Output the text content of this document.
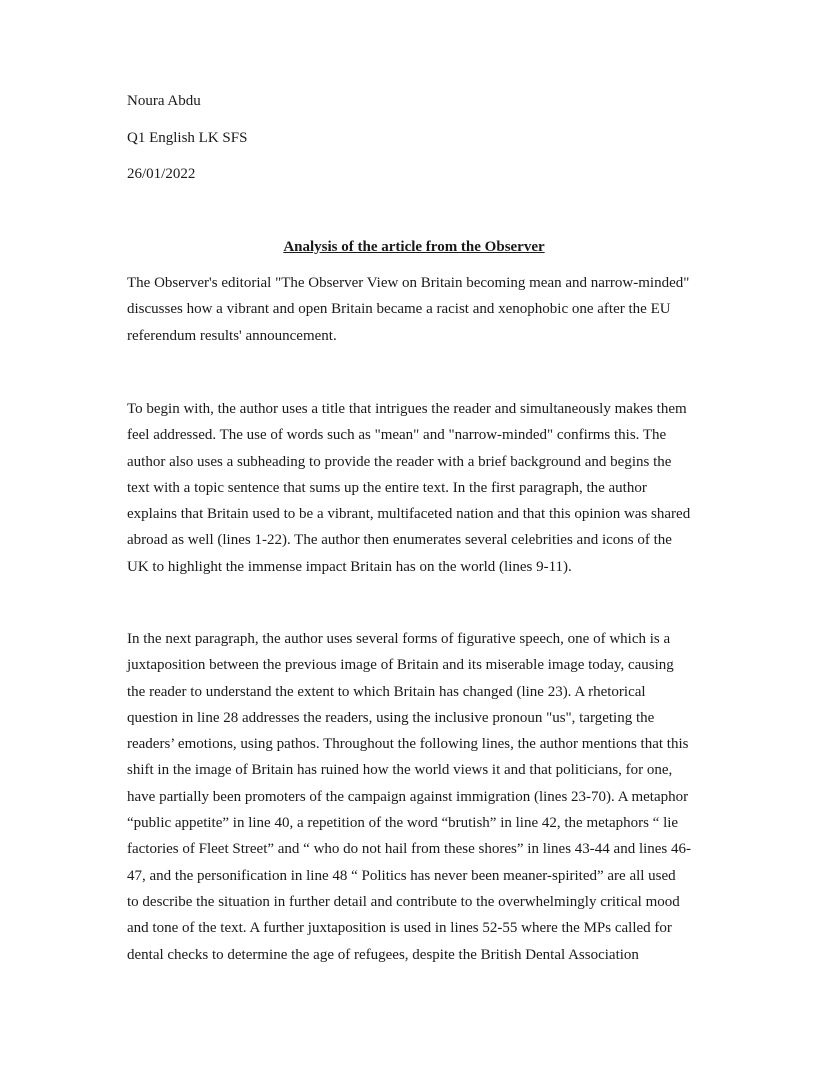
Noura Abdu
Q1 English LK SFS
26/01/2022
Analysis of the article from the Observer
The Observer's editorial "The Observer View on Britain becoming mean and narrow-minded"
discusses how a vibrant and open Britain became a racist and xenophobic one after the EU
referendum results' announcement.
To begin with, the author uses a title that intrigues the reader and simultaneously makes them
feel addressed. The use of words such as "mean" and "narrow-minded" confirms this. The
author also uses a subheading to provide the reader with a brief background and begins the
text with a topic sentence that sums up the entire text. In the first paragraph, the author
explains that Britain used to be a vibrant, multifaceted nation and that this opinion was shared
abroad as well (lines 1-22). The author then enumerates several celebrities and icons of the
UK to highlight the immense impact Britain has on the world (lines 9-11).
In the next paragraph, the author uses several forms of figurative speech, one of which is a
juxtaposition between the previous image of Britain and its miserable image today, causing
the reader to understand the extent to which Britain has changed (line 23). A rhetorical
question in line 28 addresses the readers, using the inclusive pronoun "us", targeting the
readers’ emotions, using pathos. Throughout the following lines, the author mentions that this
shift in the image of Britain has ruined how the world views it and that politicians, for one,
have partially been promoters of the campaign against immigration (lines 23-70). A metaphor
“public appetite” in line 40, a repetition of the word “brutish” in line 42, the metaphors “ lie
factories of Fleet Street” and “ who do not hail from these shores” in lines 43-44 and lines 46-
47, and the personification in line 48 “ Politics has never been meaner-spirited” are all used
to describe the situation in further detail and contribute to the overwhelmingly critical mood
and tone of the text. A further juxtaposition is used in lines 52-55 where the MPs called for
dental checks to determine the age of refugees, despite the British Dental Association
